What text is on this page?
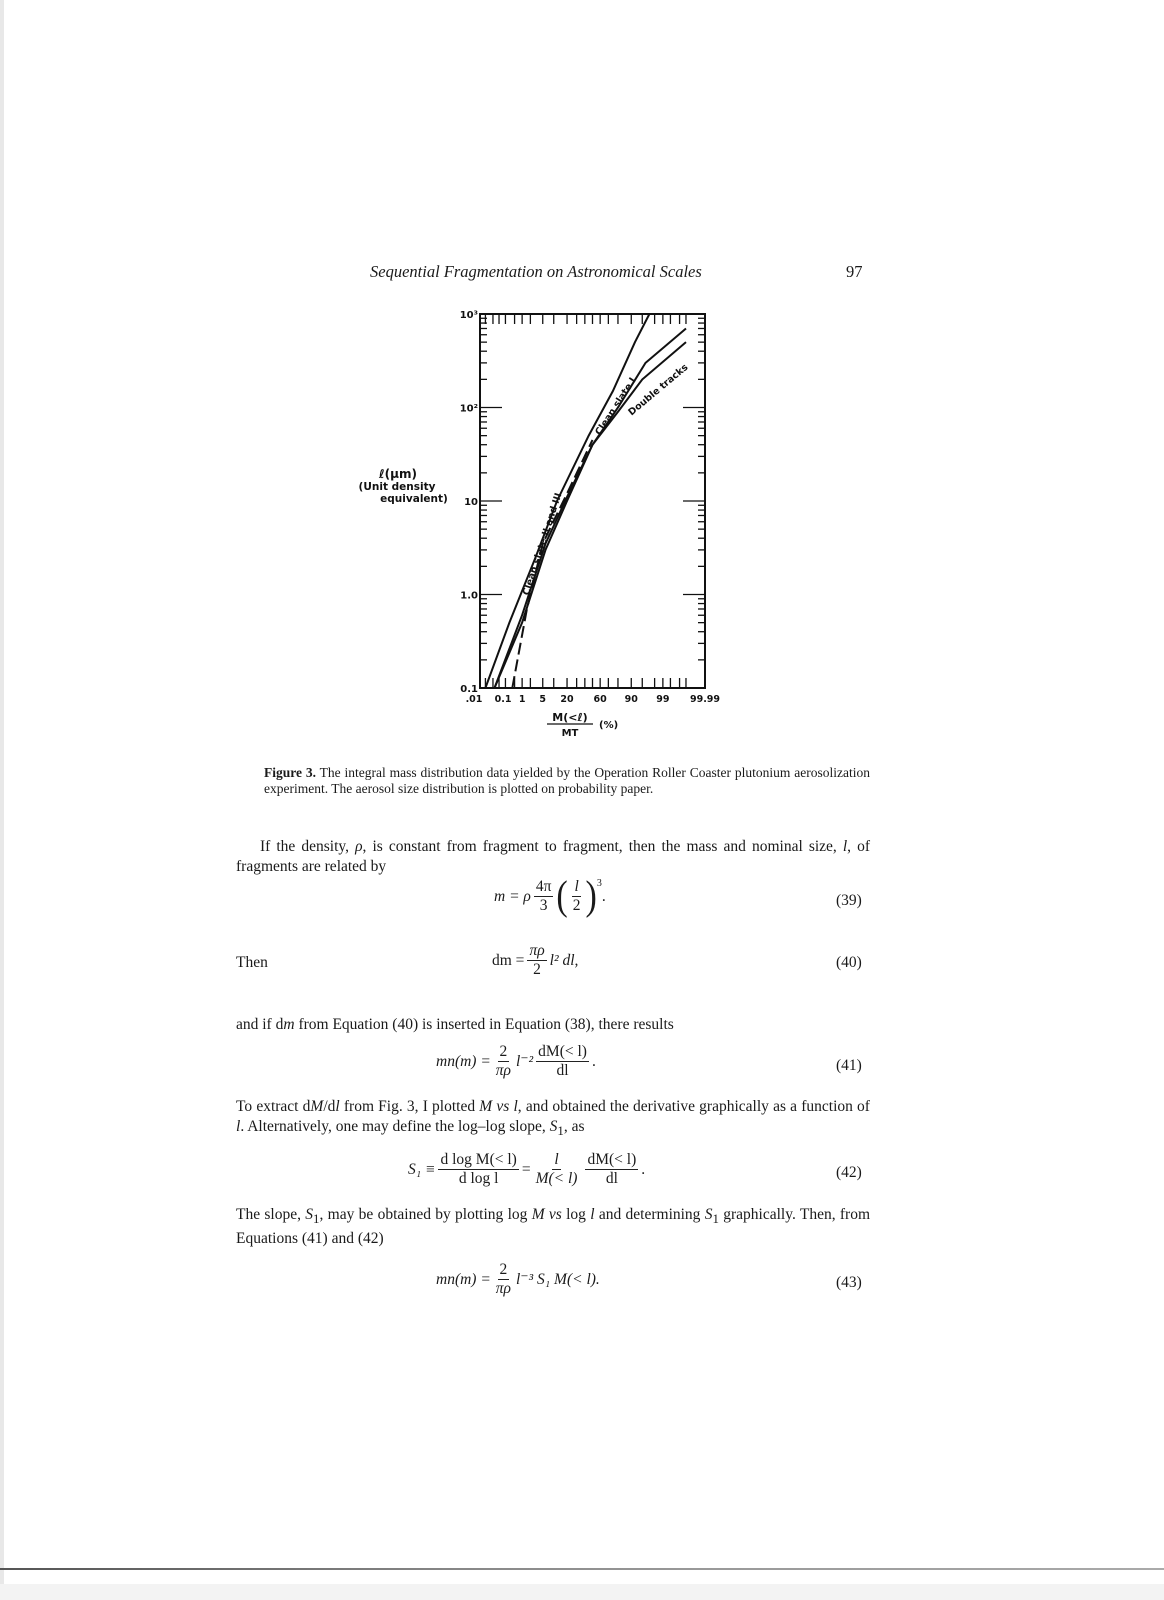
Sequential Fragmentation on Astronomical Scales	97
0.1
1.0
10
10²
10³
.01 0.1 1 5 20 60 90 99 99.99
M(<ℓ)
MT
(%)
ℓ(μm)
(Unit density
equivalent)
Clean slate I
Double tracks
Clean slate II and III
Figure 3. The integral mass distribution data yielded by the Operation Roller Coaster plutonium aerosolization experiment. The aerosol size distribution is plotted on probability paper.
If the density, ρ, is constant from fragment to fragment, then the mass and nominal size, l, of fragments are related by
m = ρ $\frac{4\pi}{3}$ ( $\frac{l}{2} )^3$
.	(39)
Then	dm = $\frac{\pi\rho}{2} l^2$ dl,	(40)
and if dm from Equation (40) is inserted in Equation (38), there results
$mn(m) = \frac{2}{\pi\rho} l^{-2} \frac{dM(< l)}{dl}$ .	(41)
To extract dM/dl from Fig. 3, I plotted M vs l, and obtained the derivative graphically as a function of l. Alternatively, one may define the log–log slope, $S_1$, as
$S_1 \equiv \frac{\text{d log M(< l)}}{\text{d log l}} = \frac{l}{M(< l)} \frac{dM(< l)}{dl}$ .	(42)
The slope, $S_1$, may be obtained by plotting log M vs log l and determining $S_1$ graphically. Then, from Equations (41) and (42)
$mn(m) = \frac{2}{\pi\rho} l^{-3}$ S₁ M(< l).	(43)
